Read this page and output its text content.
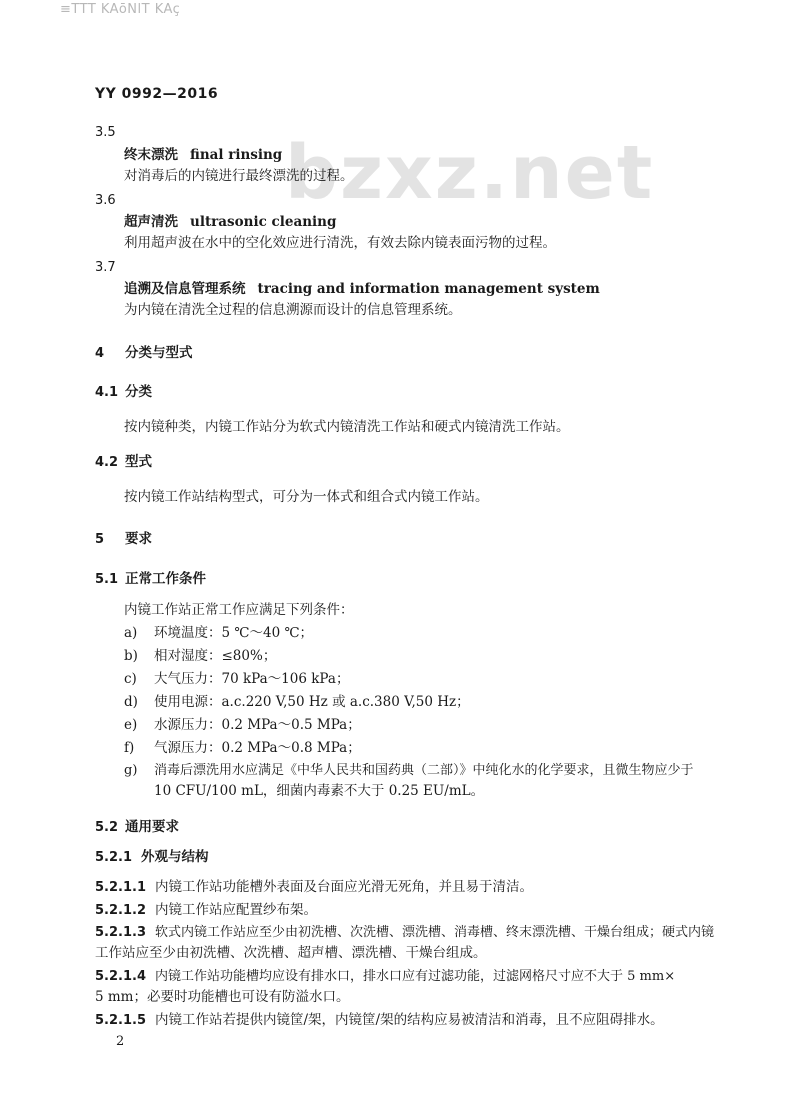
≡TTT KAōNlT KAç
bzxz.net
YY 0992—2016
3.5
终末漂洗 final rinsing
对消毒后的内镜进行最终漂洗的过程。
3.6
超声清洗 ultrasonic cleaning
利用超声波在水中的空化效应进行清洗，有效去除内镜表面污物的过程。
3.7
追溯及信息管理系统 tracing and information management system
为内镜在清洗全过程的信息溯源而设计的信息管理系统。
4 分类与型式
4.1 分类
按内镜种类，内镜工作站分为软式内镜清洗工作站和硬式内镜清洗工作站。
4.2 型式
按内镜工作站结构型式，可分为一体式和组合式内镜工作站。
5 要求
5.1 正常工作条件
内镜工作站正常工作应满足下列条件：
a) 环境温度：5 ℃～40 ℃；
b) 相对湿度：≤80%；
c) 大气压力：70 kPa～106 kPa；
d) 使用电源：a.c.220 V,50 Hz 或 a.c.380 V,50 Hz；
e) 水源压力：0.2 MPa～0.5 MPa；
f) 气源压力：0.2 MPa～0.8 MPa；
g) 消毒后漂洗用水应满足《中华人民共和国药典（二部）》中纯化水的化学要求，且微生物应少于
10 CFU/100 mL，细菌内毒素不大于 0.25 EU/mL。
5.2 通用要求
5.2.1 外观与结构
5.2.1.1 内镜工作站功能槽外表面及台面应光滑无死角，并且易于清洁。
5.2.1.2 内镜工作站应配置纱布架。
5.2.1.3 软式内镜工作站应至少由初洗槽、次洗槽、漂洗槽、消毒槽、终末漂洗槽、干燥台组成；硬式内镜
工作站应至少由初洗槽、次洗槽、超声槽、漂洗槽、干燥台组成。
5.2.1.4 内镜工作站功能槽均应设有排水口，排水口应有过滤功能，过滤网格尺寸应不大于 5 mm×
5 mm；必要时功能槽也可设有防溢水口。
5.2.1.5 内镜工作站若提供内镜筐/架，内镜筐/架的结构应易被清洁和消毒，且不应阻碍排水。
2
